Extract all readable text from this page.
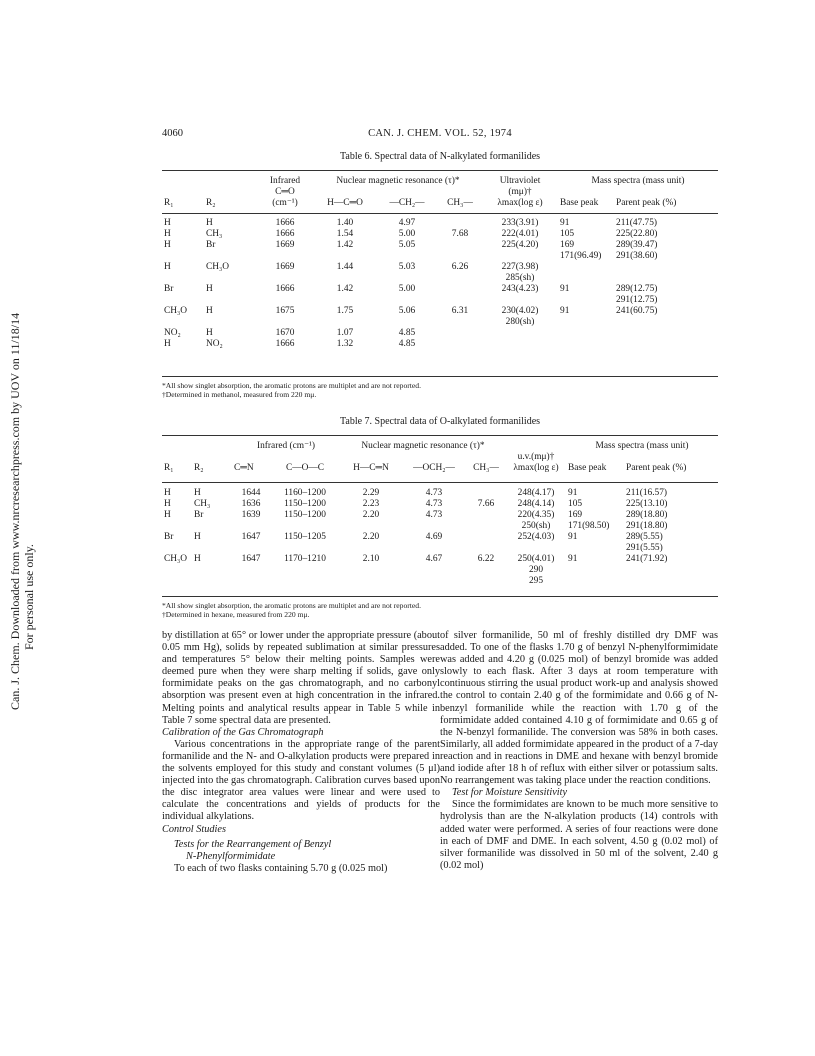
Can. J. Chem. Downloaded from www.nrcresearchpress.com by UOV on 11/18/14 For personal use only.
4060	CAN. J. CHEM. VOL. 52, 1974
Table 6. Spectral data of N-alkylated formanilides
		Infrared	Nuclear magnetic resonance (τ)*			Ultraviolet	Mass spectra (mass unit)	
		C═O				(mμ)†		
R₁	R₂	(cm⁻¹)	H—C═O	—CH₂—	CH₃—	λmax(log ε)	Base peak	Parent peak (%)
H	H	1666	1.40	4.97		233(3.91)	91	211(47.75)
H	CH₃	1666	1.54	5.00	7.68	222(4.01)	105	225(22.80)
H	Br	1669	1.42	5.05		225(4.20)	169	289(39.47)
							171(96.49)	291(38.60)
H	CH₃O	1669	1.44	5.03	6.26	227(3.98)		
						285(sh)		
Br	H	1666	1.42	5.00		243(4.23)	91	289(12.75)
								291(12.75)
CH₃O	H	1675	1.75	5.06	6.31	230(4.02)	91	241(60.75)
						280(sh)		
NO₂	H	1670	1.07	4.85				
H	NO₂	1666	1.32	4.85				
*All show singlet absorption, the aromatic protons are multiplet and are not reported.
†Determined in methanol, measured from 220 mμ.
Table 7. Spectral data of O-alkylated formanilides
		Infrared (cm⁻¹)		Nuclear magnetic resonance (τ)*				Mass spectra (mass unit)	
							u.v.(mμ)†		
R₁	R₂	C═N	C—O—C	H—C═N	—OCH₂—	CH₃—	λmax(log ε)	Base peak	Parent peak (%)
H	H	1644	1160–1200	2.29	4.73		248(4.17)	91	211(16.57)
H	CH₃	1636	1150–1200	2.23	4.73	7.66	248(4.14)	105	225(13.10)
H	Br	1639	1150–1200	2.20	4.73		220(4.35)	169	289(18.80)
							250(sh)	171(98.50)	291(18.80)
Br	H	1647	1150–1205	2.20	4.69		252(4.03)	91	289(5.55)
									291(5.55)
CH₃O	H	1647	1170–1210	2.10	4.67	6.22	250(4.01)	91	241(71.92)
							290		
							295		
*All show singlet absorption, the aromatic protons are multiplet and are not reported.
†Determined in hexane, measured from 220 mμ.

by distillation at 65° or lower under the appropriate pressure (about 0.05 mm Hg), solids by repeated sublimation at similar pressures and temperatures 5° below their melting points. Samples were deemed pure when they were sharp melting if solids, gave only formimidate peaks on the gas chromatograph, and no carbonyl absorption was present even at high concentration in the infrared. Melting points and analytical results appear in Table 5 while in Table 7 some spectral data are presented.

Calibration of the Gas Chromatograph

Various concentrations in the appropriate range of the parent formanilide and the N- and O-alkylation products were prepared in the solvents employed for this study and constant volumes (5 μl) injected into the gas chromatograph. Calibration curves based upon the disc integrator area values were linear and were used to calculate the concentrations and yields of products for the individual alkylations.

Control Studies

Tests for the Rearrangement of Benzyl

N-Phenylformimidate

To each of two flasks containing 5.70 g (0.025 mol)

of silver formanilide, 50 ml of freshly distilled dry DMF was added. To one of the flasks 1.70 g of benzyl N-phenylformimidate was added and 4.20 g (0.025 mol) of benzyl bromide was added slowly to each flask. After 3 days at room temperature with continuous stirring the usual product work-up and analysis showed the control to contain 2.40 g of the formimidate and 0.66 g of N-benzyl formanilide while the reaction with 1.70 g of the formimidate added contained 4.10 g of formimidate and 0.65 g of the N-benzyl formanilide. The conversion was 58% in both cases. Similarly, all added formimidate appeared in the product of a 7-day reaction and in reactions in DME and hexane with benzyl bromide and iodide after 18 h of reflux with either silver or potassium salts. No rearrangement was taking place under the reaction conditions.

Test for Moisture Sensitivity

Since the formimidates are known to be much more sensitive to hydrolysis than are the N-alkylation products (14) controls with added water were performed. A series of four reactions were done in each of DMF and DME. In each solvent, 4.50 g (0.02 mol) of silver formanilide was dissolved in 50 ml of the solvent, 2.40 g (0.02 mol)
